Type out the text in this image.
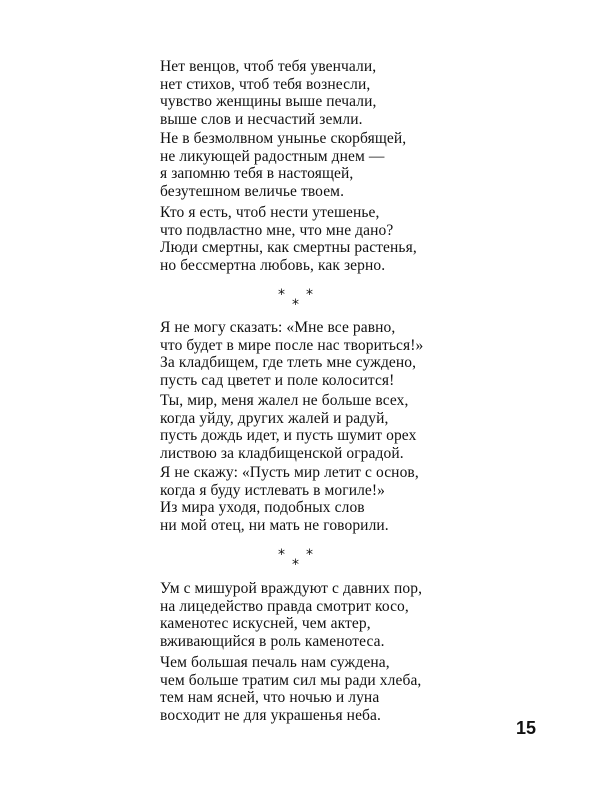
Нет венцов, чтоб тебя увенчали,
нет стихов, чтоб тебя вознесли,
чувство женщины выше печали,
выше слов и несчастий земли.
Не в безмолвном унынье скорбящей,
не ликующей радостным днем —
я запомню тебя в настоящей,
безутешном величье твоем.
Кто я есть, чтоб нести утешенье,
что подвластно мне, что мне дано?
Люди смертны, как смертны растенья,
но бессмертна любовь, как зерно.
*
*
*
Я не могу сказать: «Мне все равно,
что будет в мире после нас твориться!»
За кладбищем, где тлеть мне суждено,
пусть сад цветет и поле колосится!
Ты, мир, меня жалел не больше всех,
когда уйду, других жалей и радуй,
пусть дождь идет, и пусть шумит орех
листвою за кладбищенской оградой.
Я не скажу: «Пусть мир летит с основ,
когда я буду истлевать в могиле!»
Из мира уходя, подобных слов
ни мой отец, ни мать не говорили.
*
*
*
Ум с мишурой враждуют с давних пор,
на лицедейство правда смотрит косо,
каменотес искусней, чем актер,
вживающийся в роль каменотеса.
Чем большая печаль нам суждена,
чем больше тратим сил мы ради хлеба,
тем нам ясней, что ночью и луна
восходит не для украшенья неба.
15
